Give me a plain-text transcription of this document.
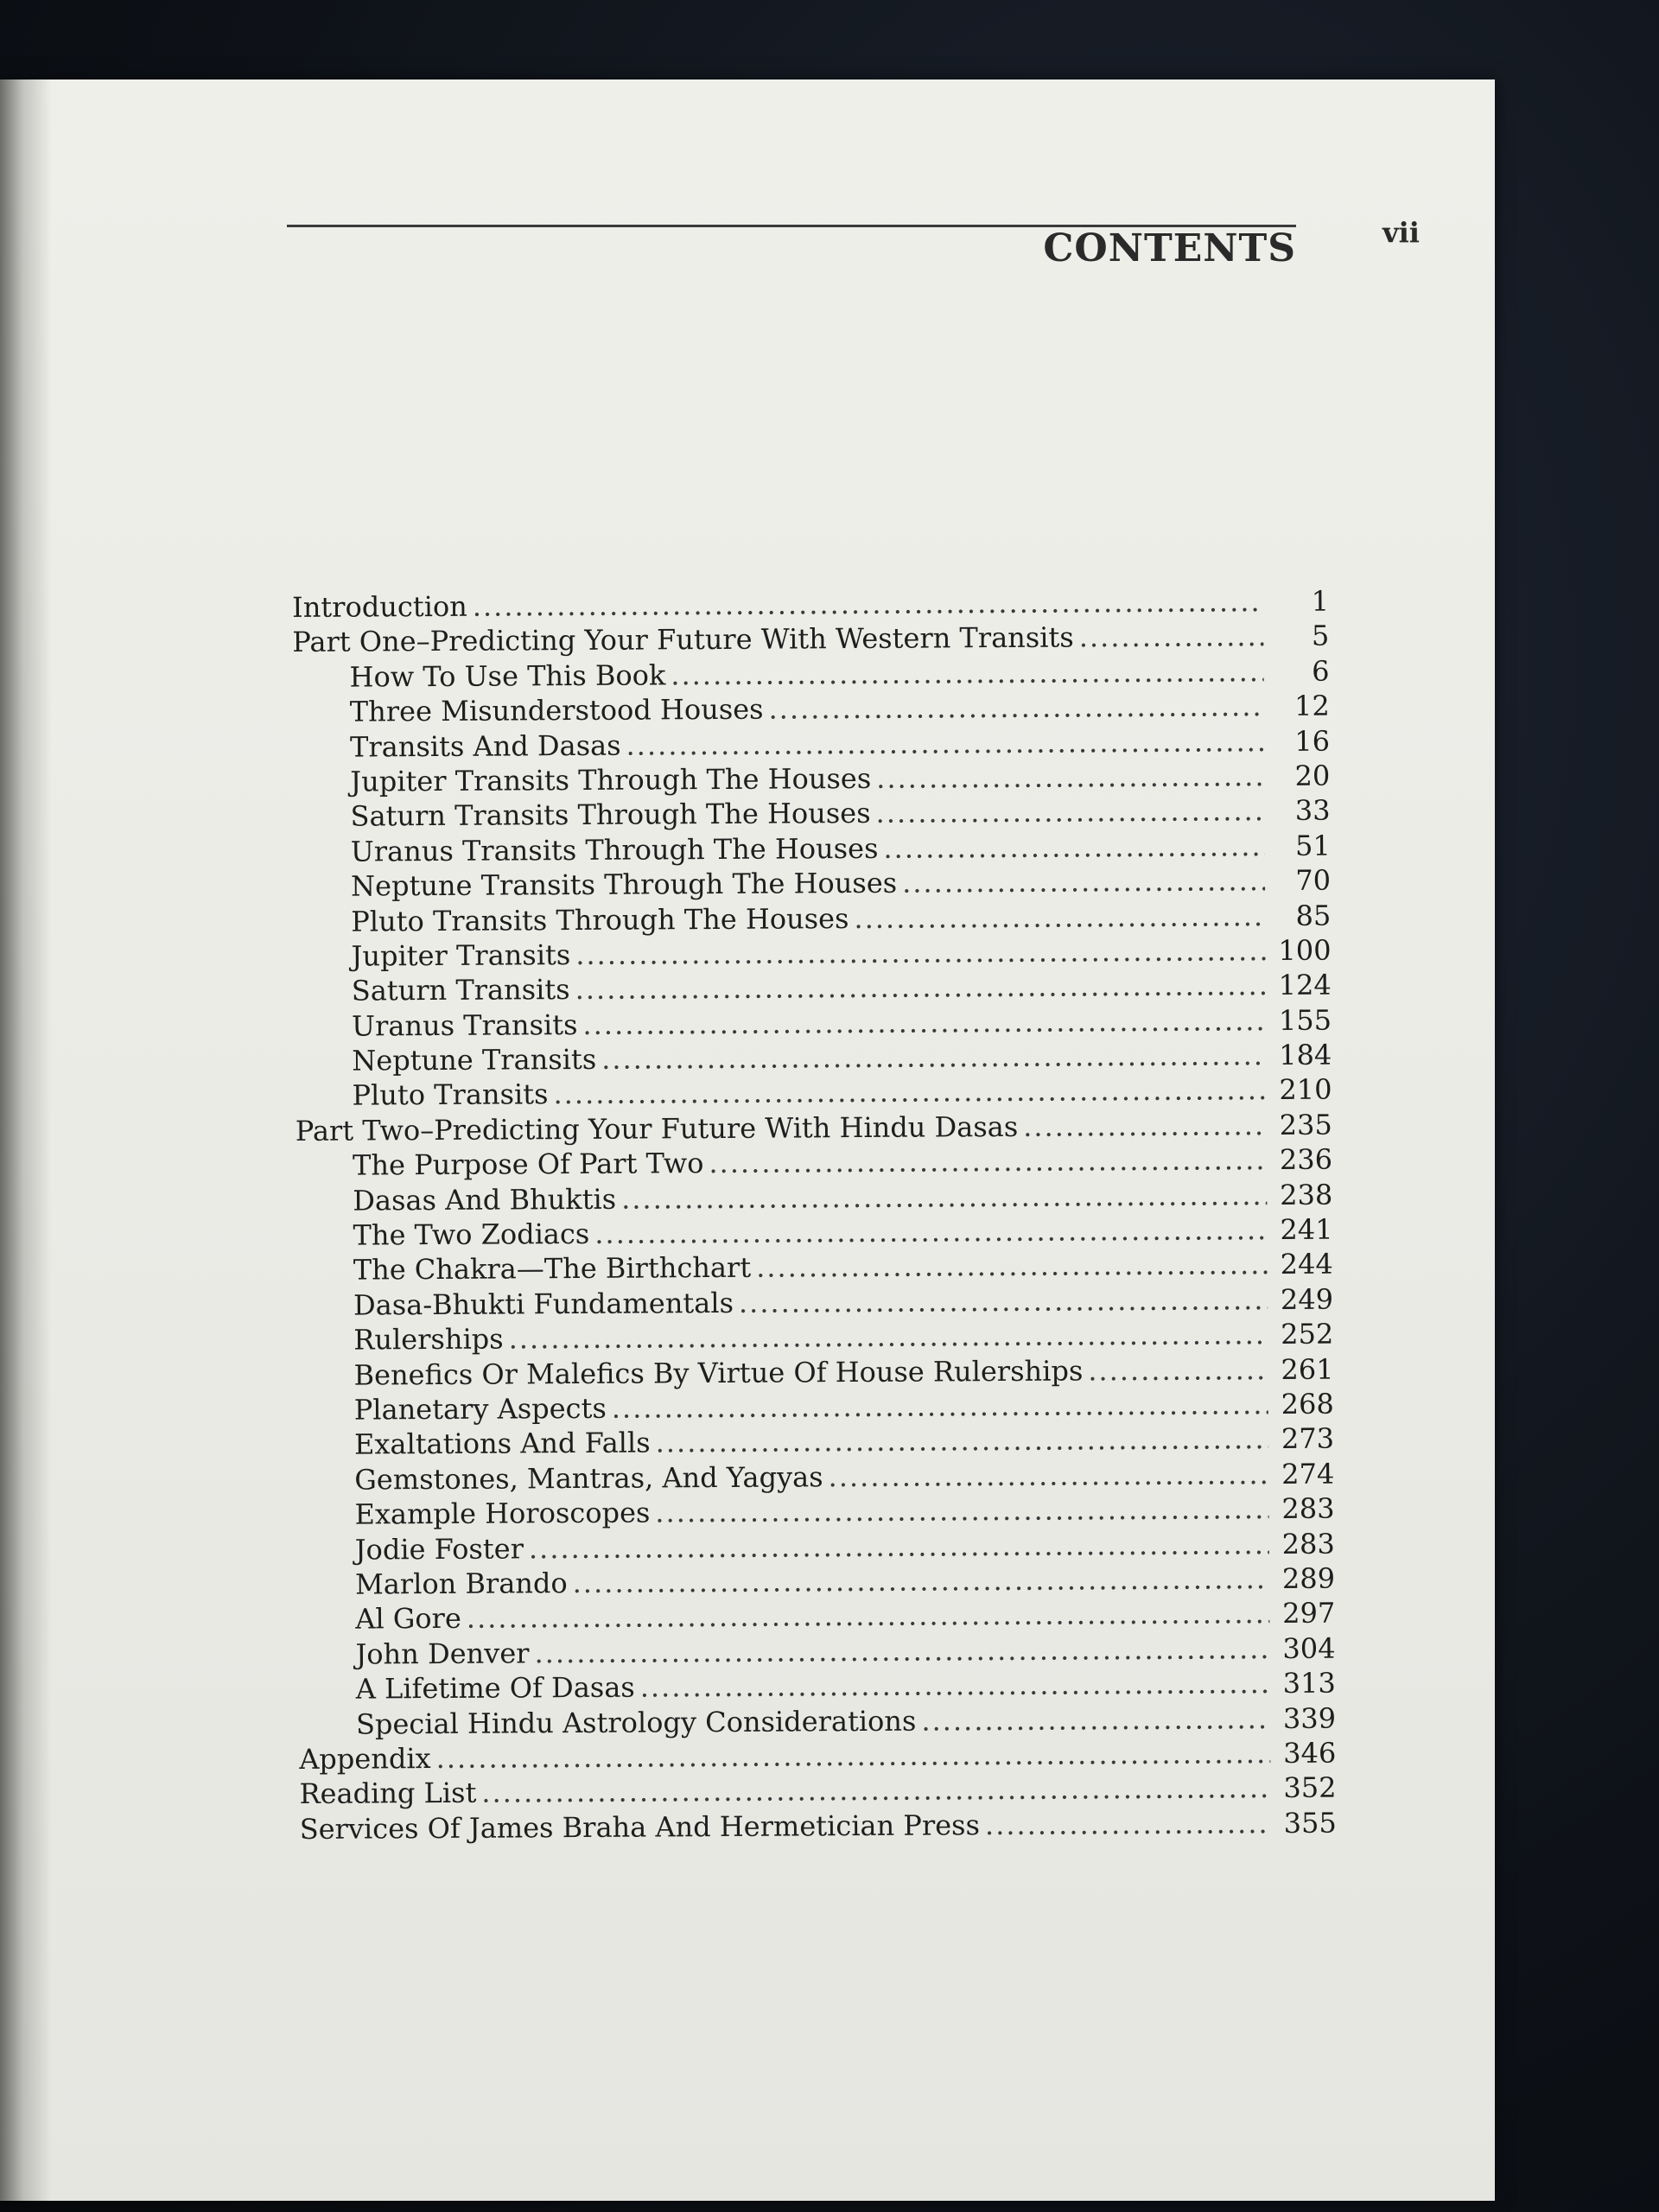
CONTENTS	vii
Introduction .....	1
Part One–Predicting Your Future With Western Transits .....	5
How To Use This Book .....	6
Three Misunderstood Houses .....	12
Transits And Dasas .....	16
Jupiter Transits Through The Houses .....	20
Saturn Transits Through The Houses .....	33
Uranus Transits Through The Houses .....	51
Neptune Transits Through The Houses .....	70
Pluto Transits Through The Houses .....	85
Jupiter Transits .....	100
Saturn Transits .....	124
Uranus Transits .....	155
Neptune Transits .....	184
Pluto Transits .....	210
Part Two–Predicting Your Future With Hindu Dasas .....	235
The Purpose Of Part Two .....	236
Dasas And Bhuktis .....	238
The Two Zodiacs .....	241
The Chakra—The Birthchart .....	244
Dasa-Bhukti Fundamentals .....	249
Rulerships .....	252
Benefics Or Malefics By Virtue Of House Rulerships .....	261
Planetary Aspects .....	268
Exaltations And Falls .....	273
Gemstones, Mantras, And Yagyas .....	274
Example Horoscopes .....	283
Jodie Foster .....	283
Marlon Brando .....	289
Al Gore .....	297
John Denver .....	304
A Lifetime Of Dasas .....	313
Special Hindu Astrology Considerations .....	339
Appendix .....	346
Reading List .....	352
Services Of James Braha And Hermetician Press .....	355
